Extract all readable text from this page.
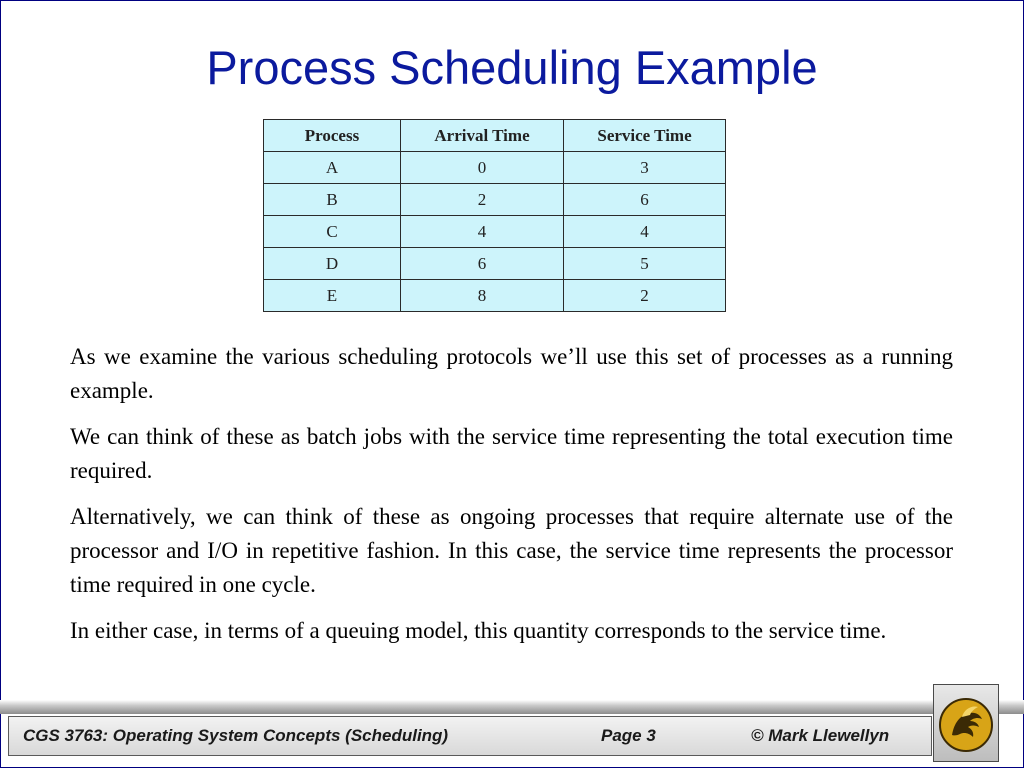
Process Scheduling Example
Process	Arrival Time	Service Time
A	0	3
B	2	6
C	4	4
D	6	5
E	8	2

As we examine the various scheduling protocols we’ll use this set of processes as a running example.

We can think of these as batch jobs with the service time representing the total execution time required.

Alternatively, we can think of these as ongoing processes that require alternate use of the processor and I/O in repetitive fashion. In this case, the service time represents the processor time required in one cycle.

In either case, in terms of a queuing model, this quantity corresponds to the service time.

CGS 3763: Operating System Concepts (Scheduling)	Page 3	© Mark Llewellyn
